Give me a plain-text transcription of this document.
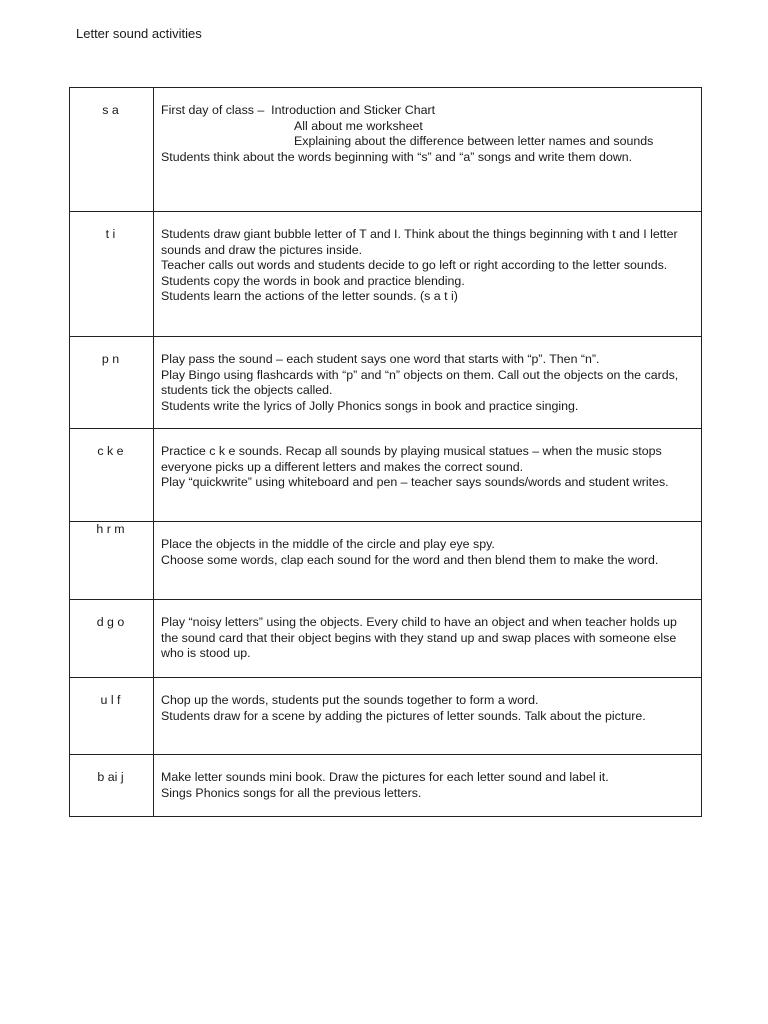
Letter sound activities
s a	First day of class –  Introduction and Sticker Chart
All about me worksheet
Explaining about the difference between letter names and sounds
Students think about the words beginning with “s” and “a” songs and write them down.

t i	Students draw giant bubble letter of T and I. Think about the things beginning with t and I letter sounds and draw the pictures inside.
Teacher calls out words and students decide to go left or right according to the letter sounds.
Students copy the words in book and practice blending.
Students learn the actions of the letter sounds. (s a t i)

p n	Play pass the sound – each student says one word that starts with “p”. Then “n”.
Play Bingo using flashcards with “p” and “n” objects on them. Call out the objects on the cards, students tick the objects called.
Students write the lyrics of Jolly Phonics songs in book and practice singing.

c k e	Practice c k e sounds. Recap all sounds by playing musical statues – when the music stops everyone picks up a different letters and makes the correct sound.
Play “quickwrite” using whiteboard and pen – teacher says sounds/words and student writes.

h r m	Place the objects in the middle of the circle and play eye spy.
Choose some words, clap each sound for the word and then blend them to make the word.

d g o	Play “noisy letters” using the objects. Every child to have an object and when teacher holds up the sound card that their object begins with they stand up and swap places with someone else who is stood up.

u l f	Chop up the words, students put the sounds together to form a word.
Students draw for a scene by adding the pictures of letter sounds. Talk about the picture.

b ai j	Make letter sounds mini book. Draw the pictures for each letter sound and label it.
Sings Phonics songs for all the previous letters.
